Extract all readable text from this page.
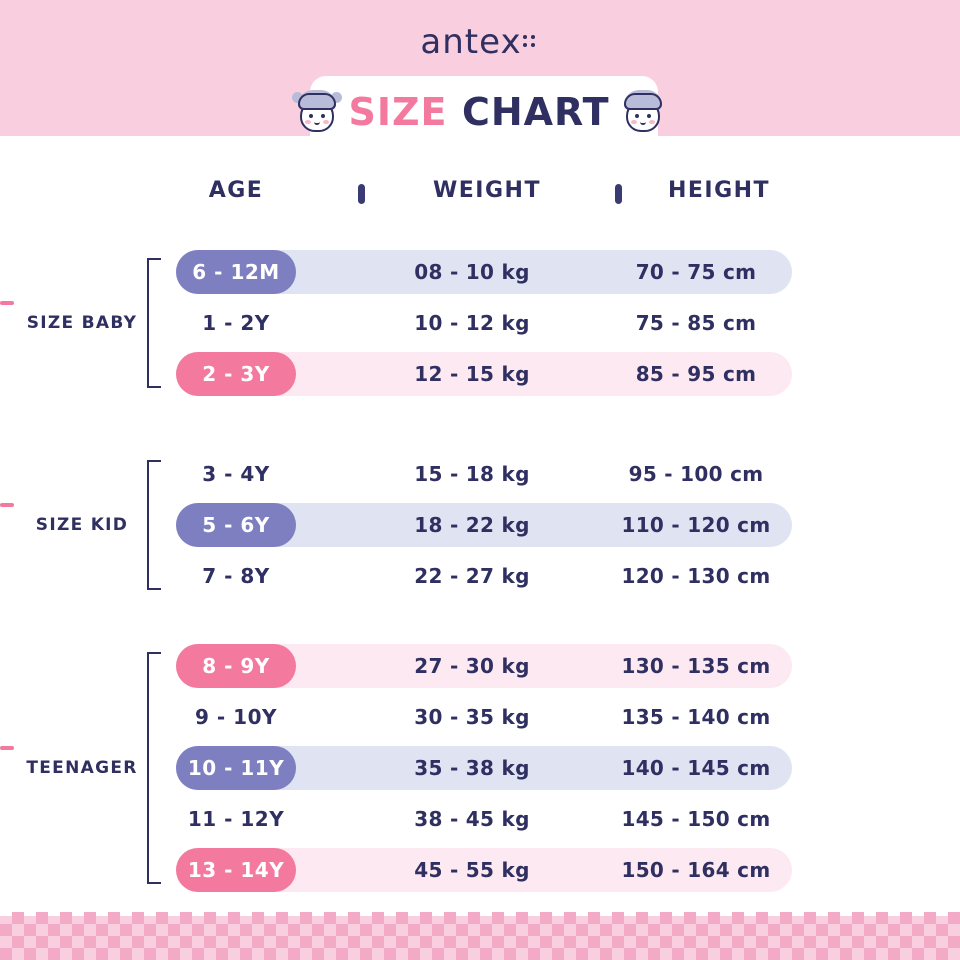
antex
SIZE CHART
AGE	WEIGHT	HEIGHT
SIZE BABY
6 - 12M	08 - 10 kg	70 - 75 cm
1 - 2Y	10 - 12 kg	75 - 85 cm
2 - 3Y	12 - 15 kg	85 - 95 cm
SIZE KID
3 - 4Y	15 - 18 kg	95 - 100 cm
5 - 6Y	18 - 22 kg	110 - 120 cm
7 - 8Y	22 - 27 kg	120 - 130 cm
TEENAGER
8 - 9Y	27 - 30 kg	130 - 135 cm
9 - 10Y	30 - 35 kg	135 - 140 cm
10 - 11Y	35 - 38 kg	140 - 145 cm
11 - 12Y	38 - 45 kg	145 - 150 cm
13 - 14Y	45 - 55 kg	150 - 164 cm
